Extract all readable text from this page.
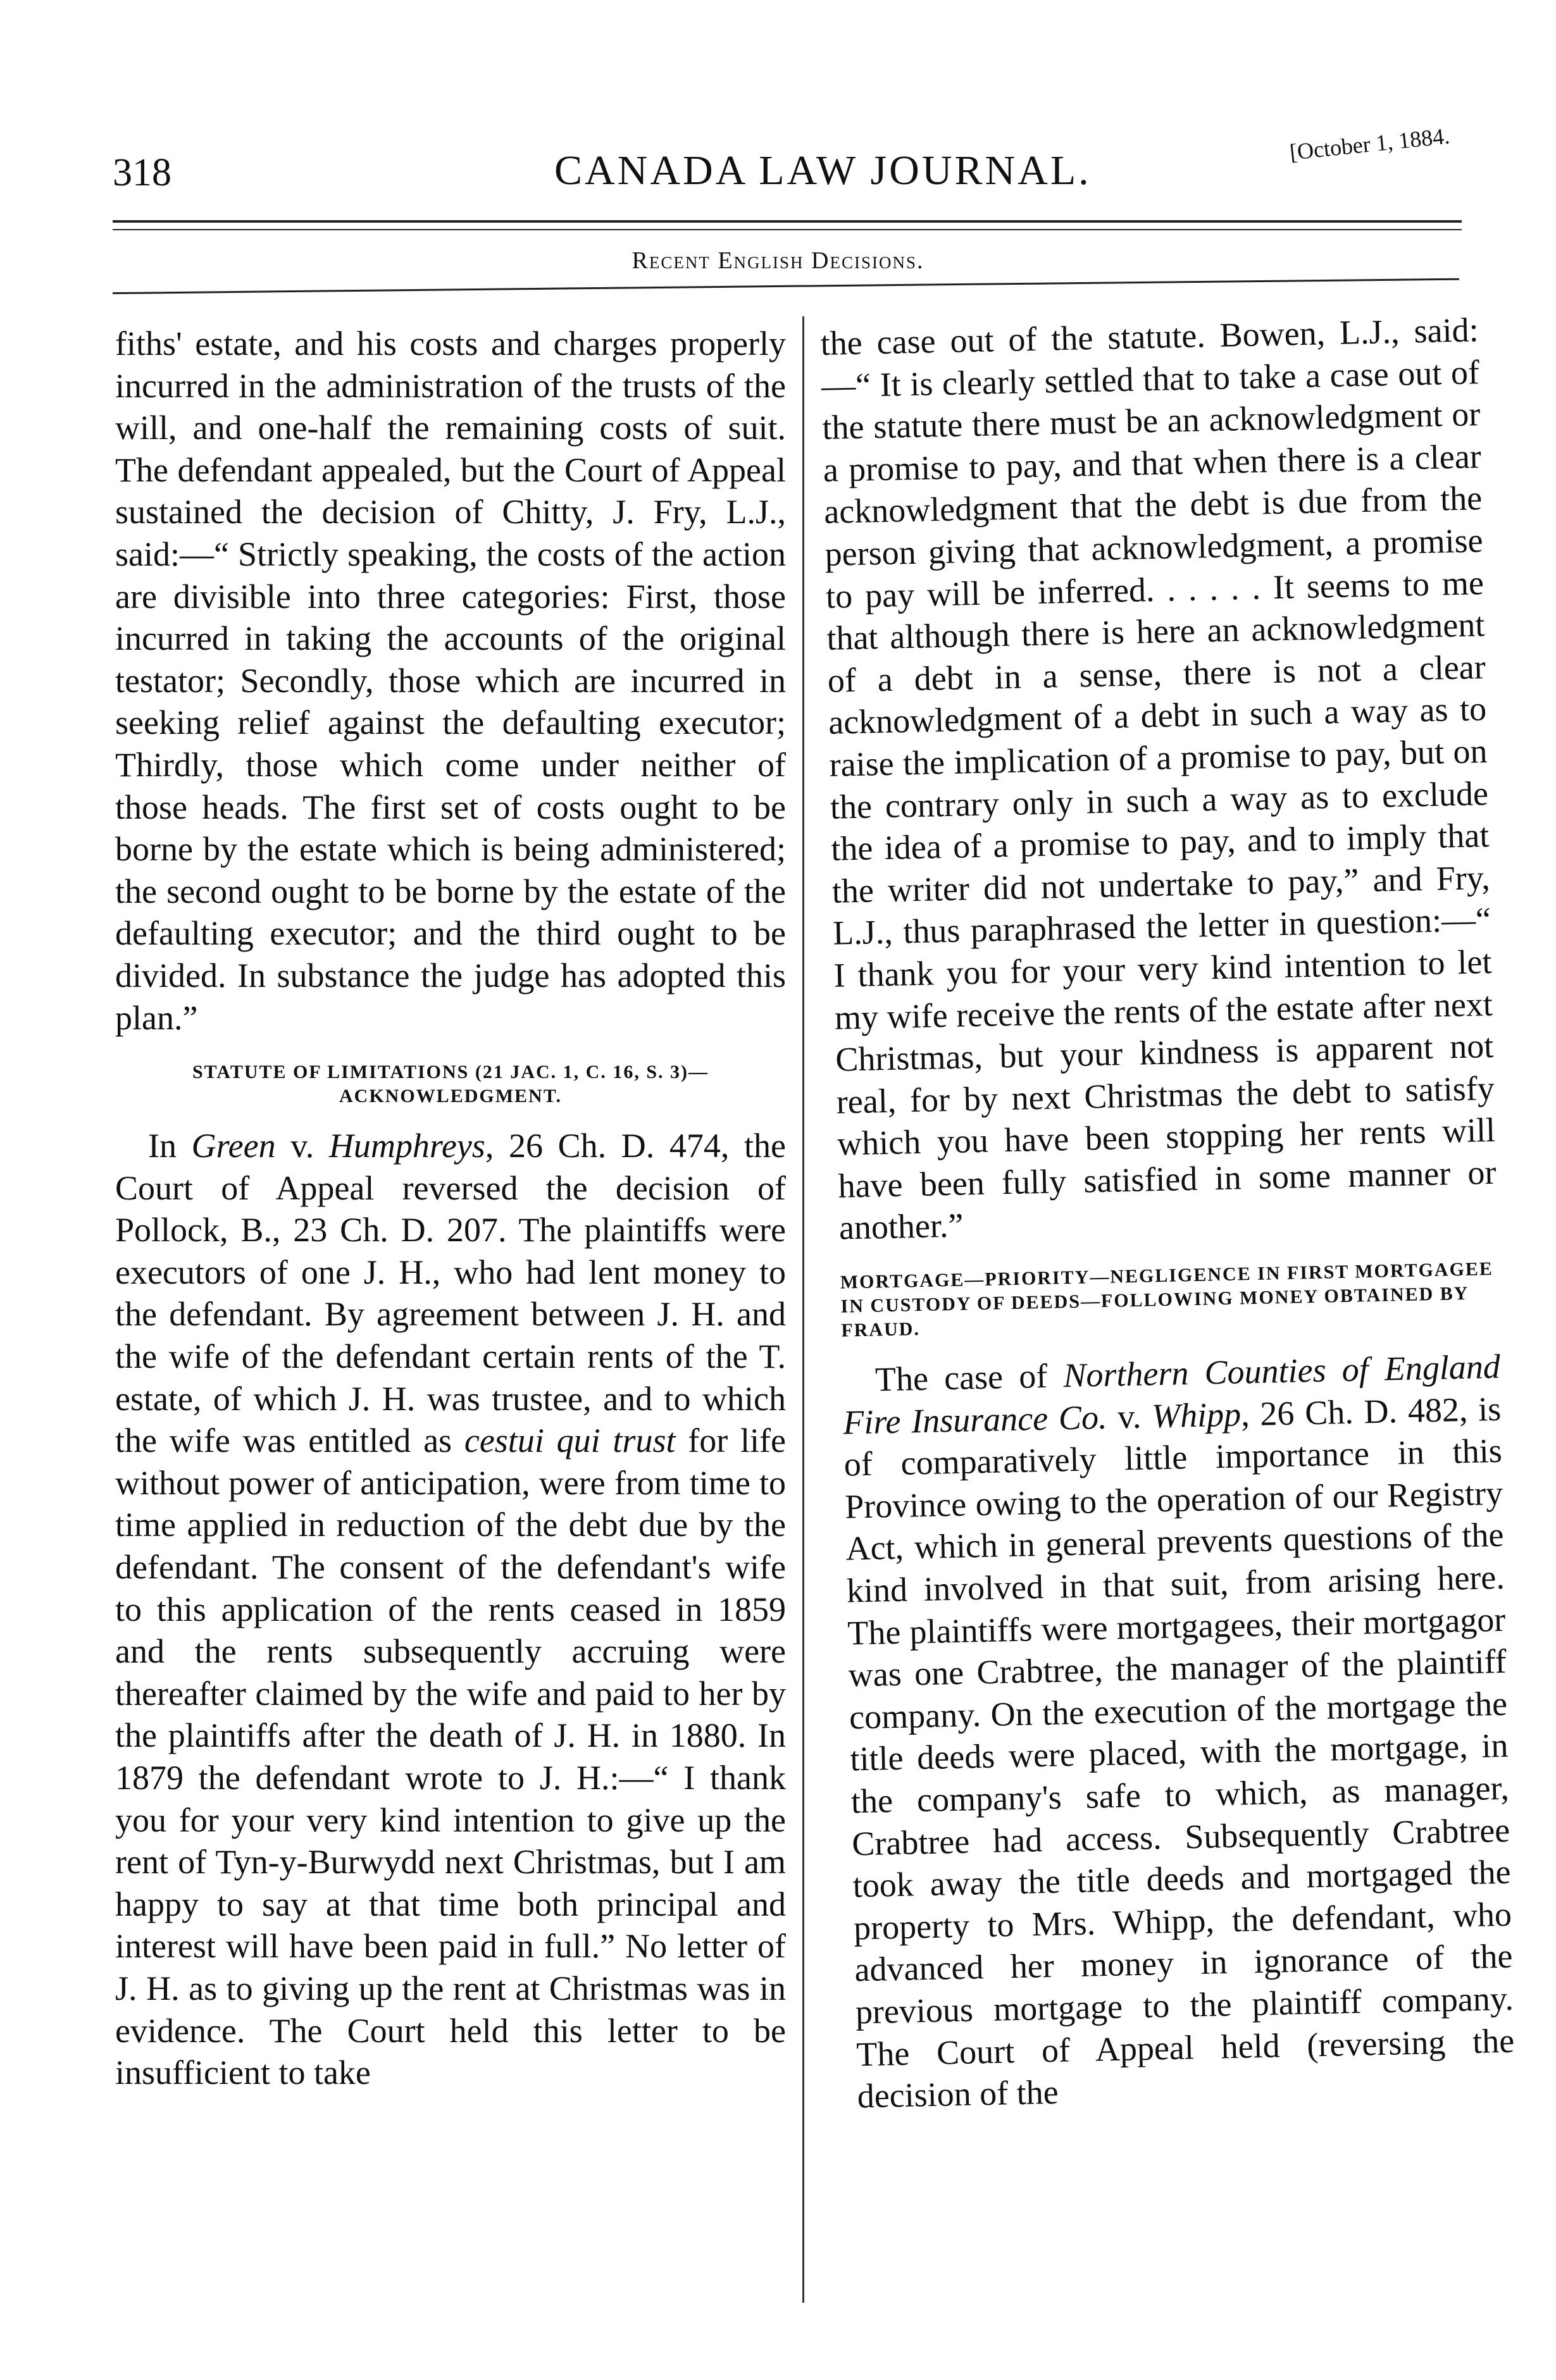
318	CANADA LAW JOURNAL.
[October 1, 1884.
Recent English Decisions.

fiths' estate, and his costs and charges properly incurred in the administration of the trusts of the will, and one-half the remaining costs of suit. The defendant appealed, but the Court of Appeal sustained the decision of Chitty, J. Fry, L.J., said:—“ Strictly speaking, the costs of the action are divisible into three categories: First, those incurred in taking the accounts of the original testator; Secondly, those which are incurred in seeking relief against the defaulting executor; Thirdly, those which come under neither of those heads. The first set of costs ought to be borne by the estate which is being administered; the second ought to be borne by the estate of the defaulting executor; and the third ought to be divided. In substance the judge has adopted this plan.”

STATUTE OF LIMITATIONS (21 JAC. 1, C. 16, S. 3)—ACKNOWLEDGMENT.

In Green v. Humphreys, 26 Ch. D. 474, the Court of Appeal reversed the decision of Pollock, B., 23 Ch. D. 207. The plaintiffs were executors of one J. H., who had lent money to the defendant. By agreement between J. H. and the wife of the defendant certain rents of the T. estate, of which J. H. was trustee, and to which the wife was entitled as cestui qui trust for life without power of anticipation, were from time to time applied in reduction of the debt due by the defendant. The consent of the defendant's wife to this application of the rents ceased in 1859 and the rents subsequently accruing were thereafter claimed by the wife and paid to her by the plaintiffs after the death of J. H. in 1880. In 1879 the defendant wrote to J. H.:—“ I thank you for your very kind intention to give up the rent of Tyn-y-Burwydd next Christmas, but I am happy to say at that time both principal and interest will have been paid in full.” No letter of J. H. as to giving up the rent at Christmas was in evidence. The Court held this letter to be insufficient to take

the case out of the statute. Bowen, L.J., said:—“ It is clearly settled that to take a case out of the statute there must be an acknowledgment or a promise to pay, and that when there is a clear acknowledgment that the debt is due from the person giving that acknowledgment, a promise to pay will be inferred. . . . . . It seems to me that although there is here an acknowledgment of a debt in a sense, there is not a clear acknowledgment of a debt in such a way as to raise the implication of a promise to pay, but on the contrary only in such a way as to exclude the idea of a promise to pay, and to imply that the writer did not undertake to pay,” and Fry, L.J., thus paraphrased the letter in question:—“ I thank you for your very kind intention to let my wife receive the rents of the estate after next Christmas, but your kindness is apparent not real, for by next Christmas the debt to satisfy which you have been stopping her rents will have been fully satisfied in some manner or another.”

MORTGAGE—PRIORITY—NEGLIGENCE IN FIRST MORTGAGEE IN CUSTODY OF DEEDS—FOLLOWING MONEY OBTAINED BY FRAUD.

The case of Northern Counties of England Fire Insurance Co. v. Whipp, 26 Ch. D. 482, is of comparatively little importance in this Province owing to the operation of our Registry Act, which in general prevents questions of the kind involved in that suit, from arising here. The plaintiffs were mortgagees, their mortgagor was one Crabtree, the manager of the plaintiff company. On the execution of the mortgage the title deeds were placed, with the mortgage, in the company's safe to which, as manager, Crabtree had access. Subsequently Crabtree took away the title deeds and mortgaged the property to Mrs. Whipp, the defendant, who advanced her money in ignorance of the previous mortgage to the plaintiff company. The Court of Appeal held (reversing the decision of the
